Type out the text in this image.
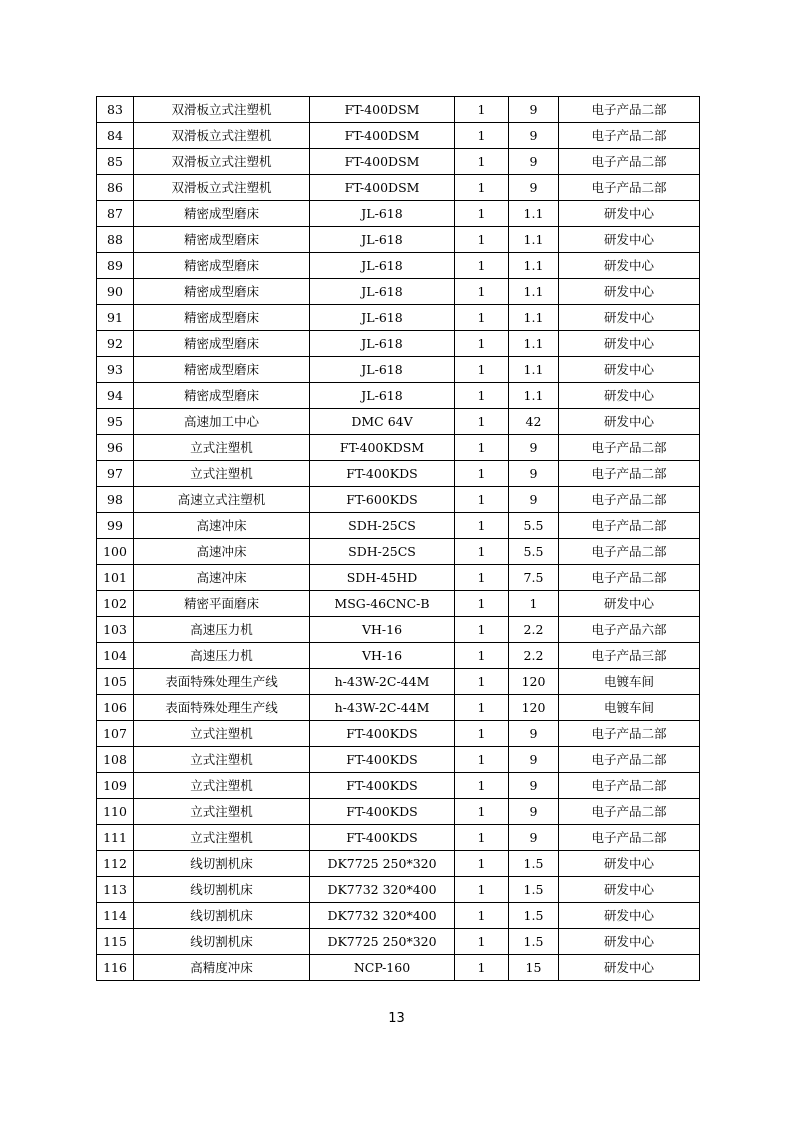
83	双滑板立式注塑机	FT-400DSM	1	9	电子产品二部
84	双滑板立式注塑机	FT-400DSM	1	9	电子产品二部
85	双滑板立式注塑机	FT-400DSM	1	9	电子产品二部
86	双滑板立式注塑机	FT-400DSM	1	9	电子产品二部
87	精密成型磨床	JL-618	1	1.1	研发中心
88	精密成型磨床	JL-618	1	1.1	研发中心
89	精密成型磨床	JL-618	1	1.1	研发中心
90	精密成型磨床	JL-618	1	1.1	研发中心
91	精密成型磨床	JL-618	1	1.1	研发中心
92	精密成型磨床	JL-618	1	1.1	研发中心
93	精密成型磨床	JL-618	1	1.1	研发中心
94	精密成型磨床	JL-618	1	1.1	研发中心
95	高速加工中心	DMC 64V	1	42	研发中心
96	立式注塑机	FT-400KDSM	1	9	电子产品二部
97	立式注塑机	FT-400KDS	1	9	电子产品二部
98	高速立式注塑机	FT-600KDS	1	9	电子产品二部
99	高速冲床	SDH-25CS	1	5.5	电子产品二部
100	高速冲床	SDH-25CS	1	5.5	电子产品二部
101	高速冲床	SDH-45HD	1	7.5	电子产品二部
102	精密平面磨床	MSG-46CNC-B	1	1	研发中心
103	高速压力机	VH-16	1	2.2	电子产品六部
104	高速压力机	VH-16	1	2.2	电子产品三部
105	表面特殊处理生产线	h-43W-2C-44M	1	120	电镀车间
106	表面特殊处理生产线	h-43W-2C-44M	1	120	电镀车间
107	立式注塑机	FT-400KDS	1	9	电子产品二部
108	立式注塑机	FT-400KDS	1	9	电子产品二部
109	立式注塑机	FT-400KDS	1	9	电子产品二部
110	立式注塑机	FT-400KDS	1	9	电子产品二部
111	立式注塑机	FT-400KDS	1	9	电子产品二部
112	线切割机床	DK7725 250*320	1	1.5	研发中心
113	线切割机床	DK7732 320*400	1	1.5	研发中心
114	线切割机床	DK7732 320*400	1	1.5	研发中心
115	线切割机床	DK7725 250*320	1	1.5	研发中心
116	高精度冲床	NCP-160	1	15	研发中心
13
